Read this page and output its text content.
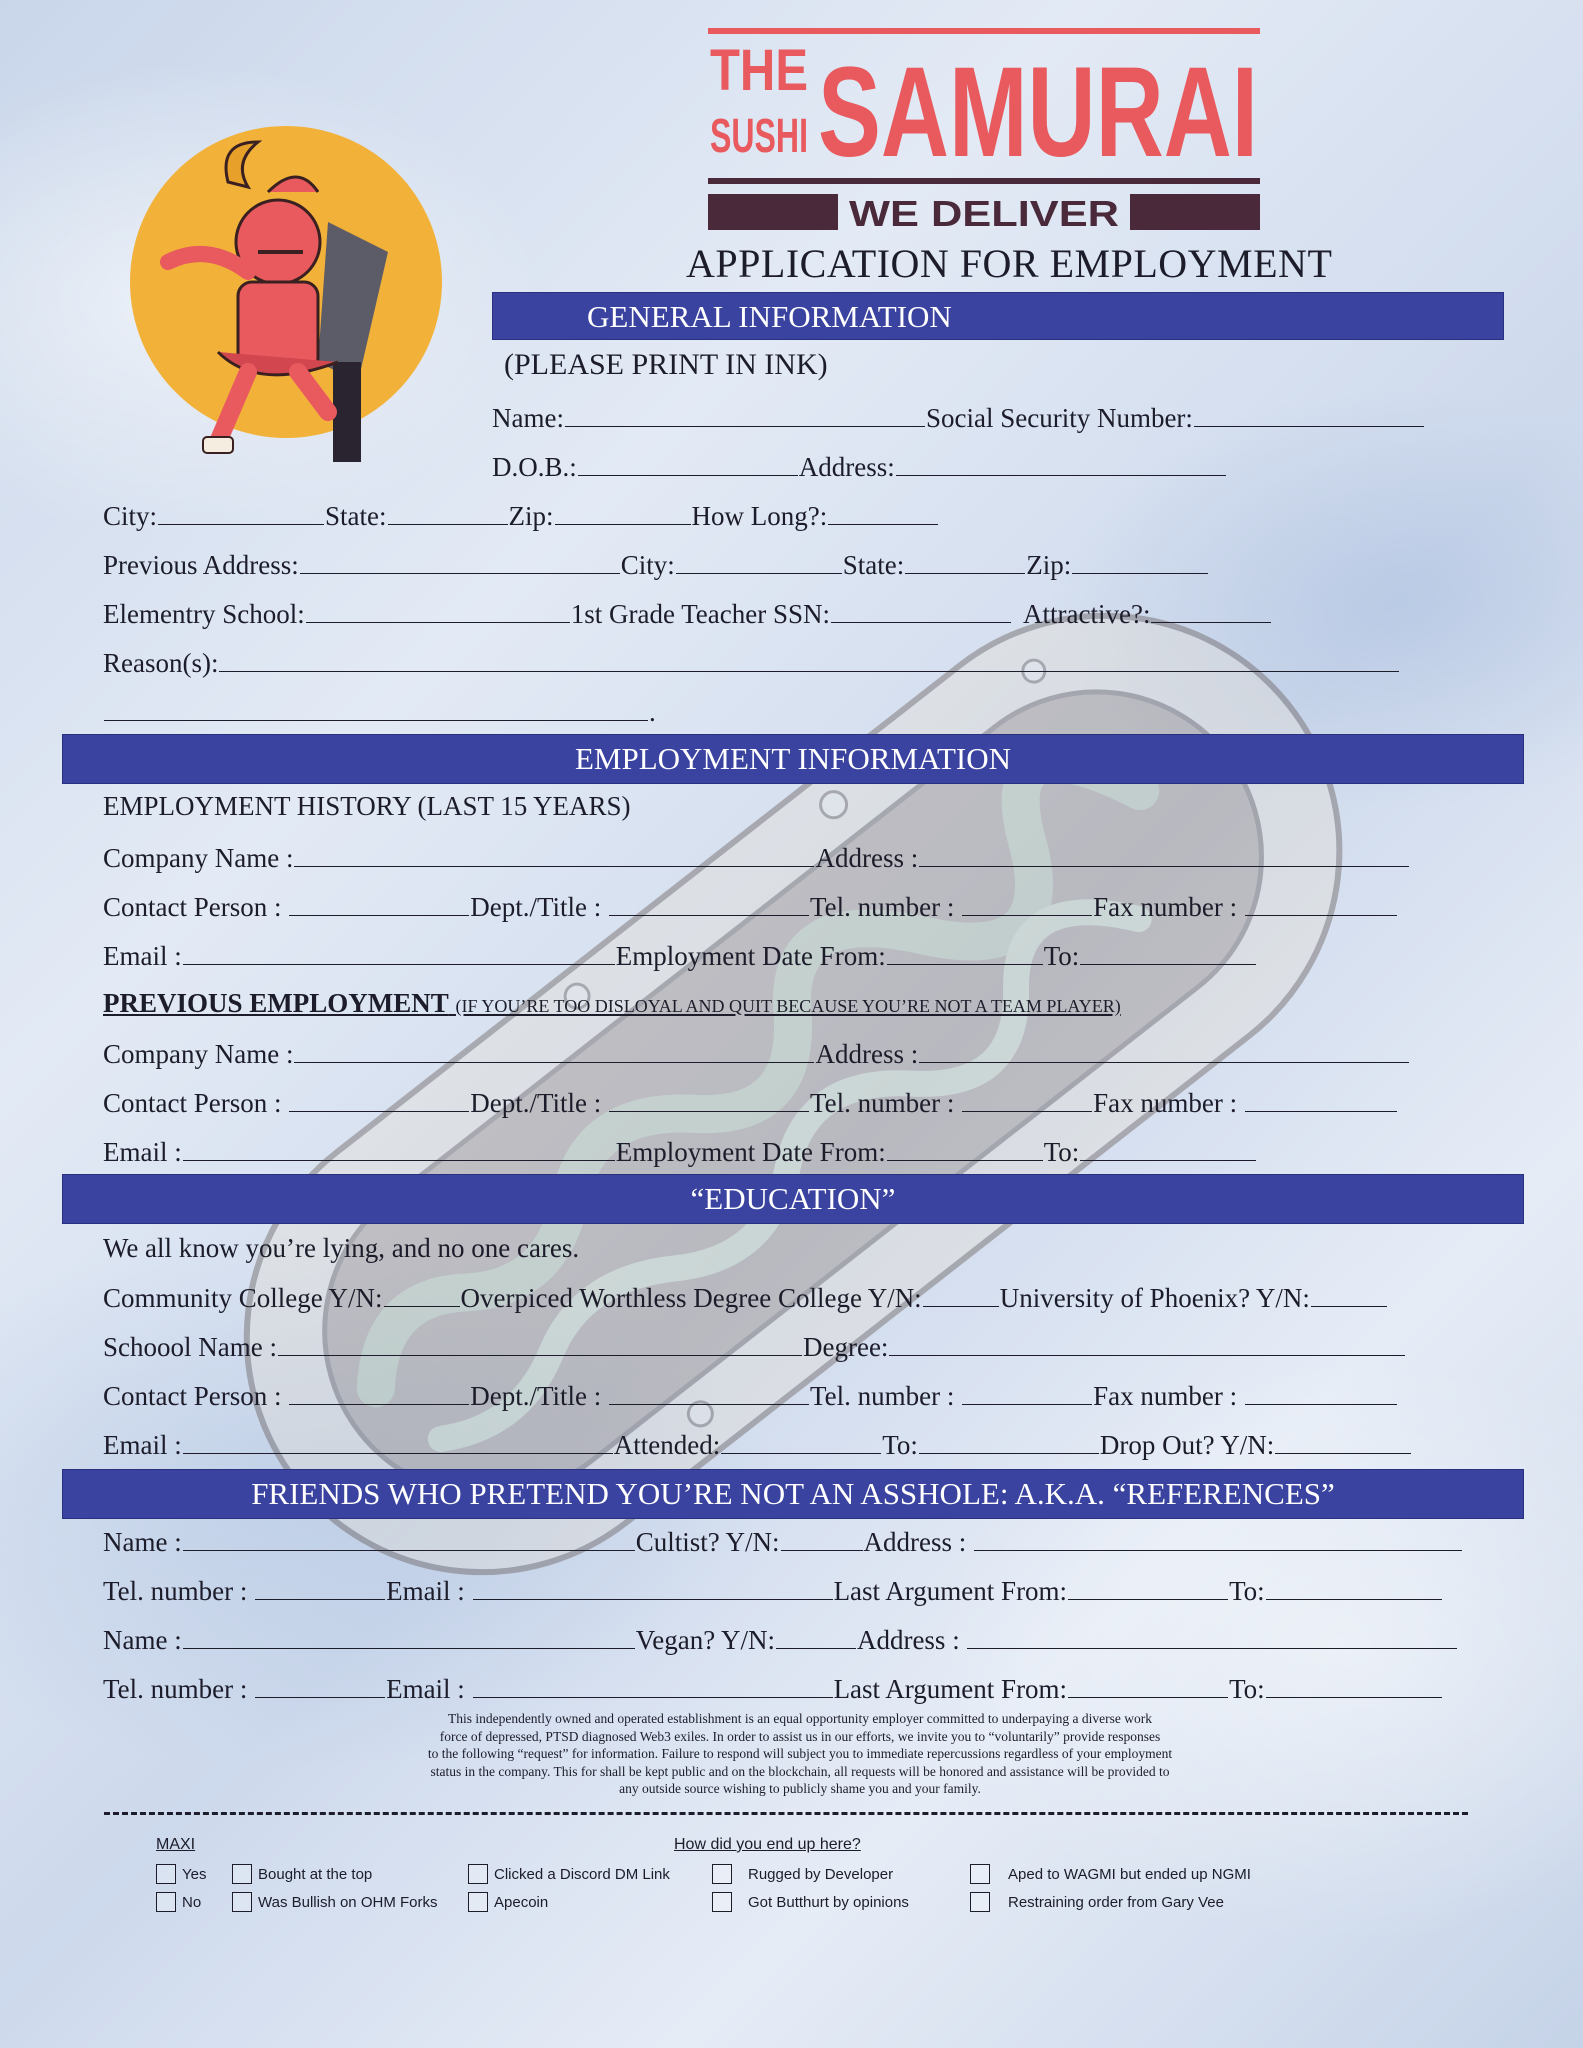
THE
SUSHI SAMURAI
WE DELIVER
APPLICATION FOR EMPLOYMENT
GENERAL INFORMATION
(PLEASE PRINT IN INK)
Name:	Social Security Number:
D.O.B.:	Address:
City:	State:	Zip:	How Long?:
Previous Address:	City:	State:	Zip:
Elementry School:	1st Grade Teacher SSN:	Attractive?:
Reason(s):
.
EMPLOYMENT INFORMATION
EMPLOYMENT HISTORY (LAST 15 YEARS)
Company Name :	Address :
Contact Person :	Dept./Title :	Tel. number :	Fax number :
Email :	Employment Date From:	To:
PREVIOUS EMPLOYMENT (IF YOU’RE TOO DISLOYAL AND QUIT BECAUSE YOU’RE NOT A TEAM PLAYER)
Company Name :	Address :
Contact Person :	Dept./Title :	Tel. number :	Fax number :
Email :	Employment Date From:	To:
“EDUCATION”
We all know you’re lying, and no one cares.
Community College Y/N:	Overpiced Worthless Degree College Y/N:	University of Phoenix? Y/N:
Schoool Name :	Degree:
Contact Person :	Dept./Title :	Tel. number :	Fax number :
Email :	Attended:	To:	Drop Out? Y/N:
FRIENDS WHO PRETEND YOU’RE NOT AN ASSHOLE: A.K.A. “REFERENCES”
Name :	Cultist? Y/N:	Address :
Tel. number :	Email :	Last Argument From:	To:
Name :	Vegan? Y/N:	Address :
Tel. number :	Email :	Last Argument From:	To:
This independently owned and operated establishment is an equal opportunity employer committed to underpaying a diverse work
force of depressed, PTSD diagnosed Web3 exiles. In order to assist us in our efforts, we invite you to “voluntarily” provide responses
to the following “request” for information. Failure to respond will subject you to immediate repercussions regardless of your employment
status in the company. This for shall be kept public and on the blockchain, all requests will be honored and assistance will be provided to
any outside source wishing to publicly shame you and your family.
MAXI	How did you end up here?
Yes
No
Bought at the top
Was Bullish on OHM Forks
Clicked a Discord DM Link
Apecoin
Rugged by Developer
Got Butthurt by opinions
Aped to WAGMI but ended up NGMI
Restraining order from Gary Vee
